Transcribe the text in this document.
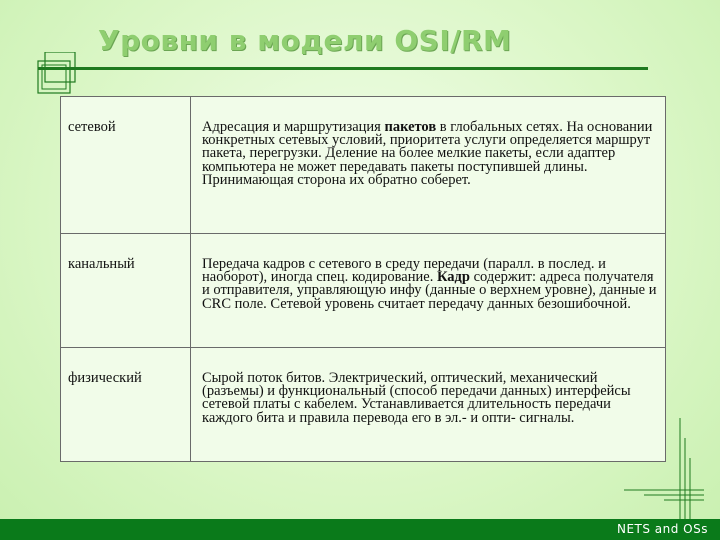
Уровни в модели OSI/RM
сетевой	Адресация и маршрутизация пакетов в глобальных сетях. На основании конкретных сетевых условий, приоритета услуги определяется маршрут пакета, перегрузки. Деление на более мелкие пакеты, если адаптер компьютера не может передавать пакеты поступившей длины. Принимающая сторона их обратно соберет.
канальный	Передача кадров с сетевого в среду передачи (паралл. в послед. и наоборот), иногда спец. кодирование. Кадр содержит: адреса получателя и отправителя, управляющую инфу (данные о верхнем уровне), данные и CRC поле. Сетевой уровень считает передачу данных безошибочной.
физический	Сырой поток битов. Электрический, оптический, механический (разъемы) и функциональный (способ передачи данных) интерфейсы сетевой платы с кабелем. Устанавливается длительность передачи каждого бита и правила перевода его в эл.- и опти- сигналы.
NETS and OSs
